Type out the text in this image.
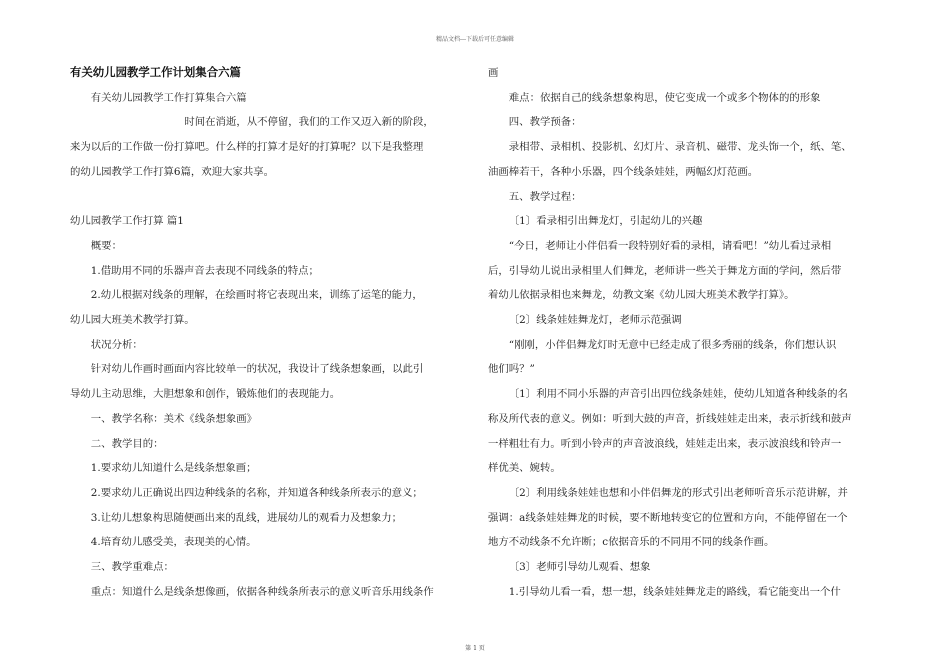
精品文档---下载后可任意编辑
有关幼儿园教学工作计划集合六篇
有关幼儿园教学工作打算集合六篇
时间在消逝，从不停留，我们的工作又迈入新的阶段，
来为以后的工作做一份打算吧。什么样的打算才是好的打算呢？以下是我整理
的幼儿园教学工作打算6篇，欢迎大家共享。
幼儿园教学工作打算 篇1
概要：
1.借助用不同的乐器声音去表现不同线条的特点；
2.幼儿根据对线条的理解，在绘画时将它表现出来，训练了运笔的能力，
幼儿园大班美术教学打算。
状况分析：
针对幼儿作画时画面内容比较单一的状况，我设计了线条想象画，以此引
导幼儿主动思维，大胆想象和创作，锻炼他们的表现能力。
一、教学名称：美术《线条想象画》
二、教学目的：
1.要求幼儿知道什么是线条想象画；
2.要求幼儿正确说出四边种线条的名称，并知道各种线条所表示的意义；
3.让幼儿想象构思随便画出来的乱线，进展幼儿的观看力及想象力；
4.培育幼儿感受美，表现美的心情。
三、教学重难点：
重点：知道什么是线条想像画，依据各种线条所表示的意义听音乐用线条作
画
难点：依据自己的线条想象构思，使它变成一个或多个物体的的形象
四、教学预备：
录相带、录相机、投影机、幻灯片、录音机、磁带、龙头饰一个，纸、笔、
油画棒若干，各种小乐器，四个线条娃娃，两幅幻灯范画。
五、教学过程：
〔1〕看录相引出舞龙灯，引起幼儿的兴趣
“今日，老师让小伴侣看一段特别好看的录相，请看吧！”幼儿看过录相
后，引导幼儿说出录相里人们舞龙，老师讲一些关于舞龙方面的学问，然后带
着幼儿依据录相也来舞龙，幼教文案《幼儿园大班美术教学打算》。
〔2〕线条娃娃舞龙灯，老师示范强调
“刚刚，小伴侣舞龙灯时无意中已经走成了很多秀丽的线条，你们想认识
他们吗？”
〔1〕利用不同小乐器的声音引出四位线条娃娃，使幼儿知道各种线条的名
称及所代表的意义。例如：听到大鼓的声音，折线娃娃走出来，表示折线和鼓声
一样粗壮有力。听到小铃声的声音波浪线，娃娃走出来，表示波浪线和铃声一
样优美、婉转。
〔2〕利用线条娃娃也想和小伴侣舞龙的形式引出老师听音乐示范讲解，并
强调：a线条娃娃舞龙的时候，要不断地转变它的位置和方向，不能停留在一个
地方不动线条不允许断；c依据音乐的不同用不同的线条作画。
〔3〕老师引导幼儿观看、想象
1.引导幼儿看一看，想一想，线条娃娃舞龙走的路线，看它能变出一个什
第 1 页
